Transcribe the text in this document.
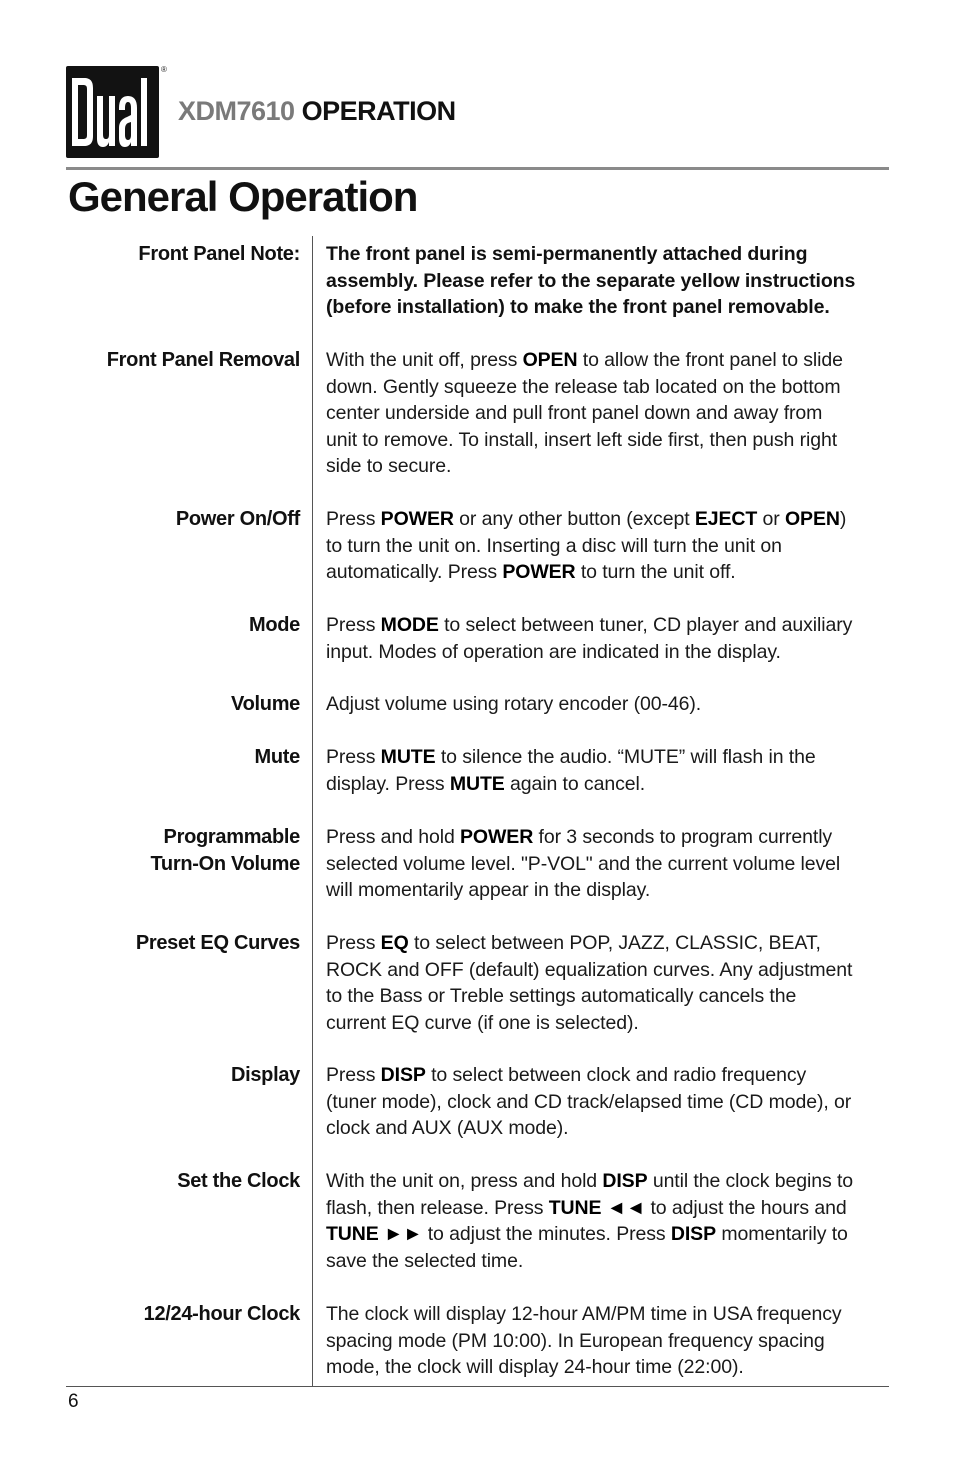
®
XDM7610 OPERATION
General Operation
Front Panel Note: The front panel is semi-permanently attached during
assembly. Please refer to the separate yellow instructions
(before installation) to make the front panel removable.
Front Panel Removal With the unit off, press OPEN to allow the front panel to slide
down. Gently squeeze the release tab located on the bottom
center underside and pull front panel down and away from
unit to remove. To install, insert left side first, then push right
side to secure.
Power On/Off Press POWER or any other button (except EJECT or OPEN)
to turn the unit on. Inserting a disc will turn the unit on
automatically. Press POWER to turn the unit off.
Mode Press MODE to select between tuner, CD player and auxiliary
input. Modes of operation are indicated in the display.
Volume Adjust volume using rotary encoder (00-46).
Mute Press MUTE to silence the audio. “MUTE” will flash in the
display. Press MUTE again to cancel.
Programmable
Turn-On Volume
Press and hold POWER for 3 seconds to program currently
selected volume level. "P-VOL" and the current volume level
will momentarily appear in the display.
Preset EQ Curves Press EQ to select between POP, JAZZ, CLASSIC, BEAT,
ROCK and OFF (default) equalization curves. Any adjustment
to the Bass or Treble settings automatically cancels the
current EQ curve (if one is selected).
Display Press DISP to select between clock and radio frequency
(tuner mode), clock and CD track/elapsed time (CD mode), or
clock and AUX (AUX mode).
Set the Clock With the unit on, press and hold DISP until the clock begins to
flash, then release. Press TUNE ◄◄ to adjust the hours and
TUNE ►► to adjust the minutes. Press DISP momentarily to
save the selected time.
12/24-hour Clock The clock will display 12-hour AM/PM time in USA frequency
spacing mode (PM 10:00). In European frequency spacing
mode, the clock will display 24-hour time (22:00).
6
